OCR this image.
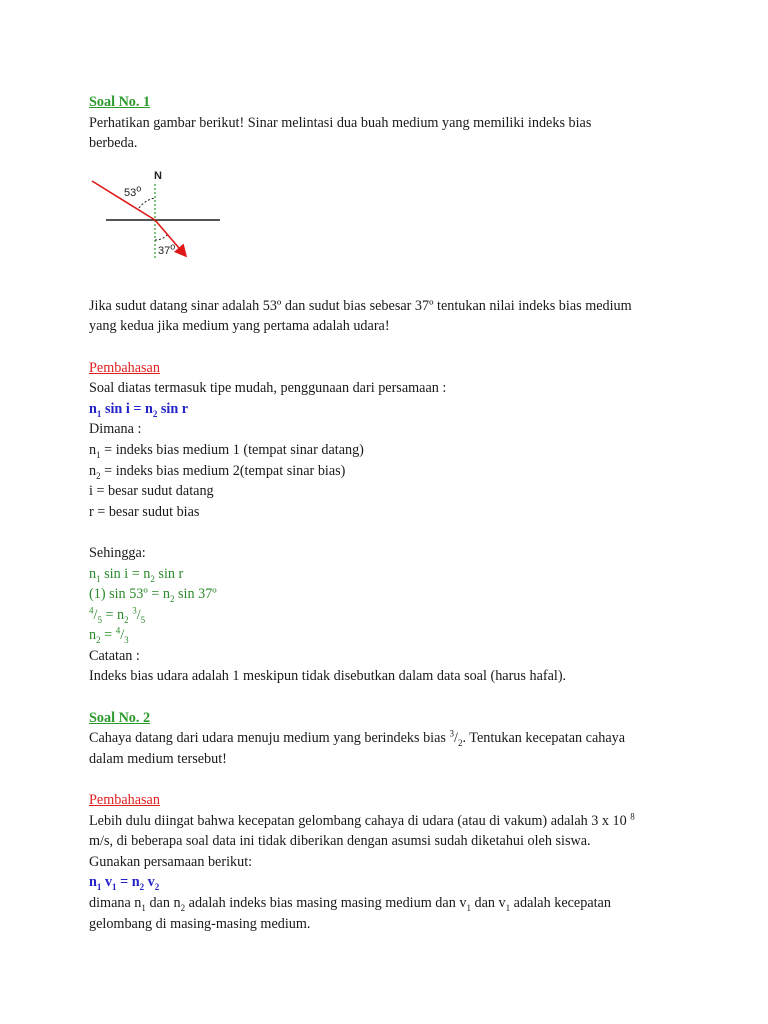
Soal No. 1
Perhatikan gambar berikut! Sinar melintasi dua buah medium yang memiliki indeks bias
berbeda.
N
53$^o$
37$^o$
Jika sudut datang sinar adalah 53º dan sudut bias sebesar 37º tentukan nilai indeks bias medium
yang kedua jika medium yang pertama adalah udara!
Pembahasan
Soal diatas termasuk tipe mudah, penggunaan dari persamaan :
$n_1$ $\sin i = n_2$ sin r
Dimana :
$n_1$ = indeks bias medium 1 (tempat sinar datang)
$n_2$ = indeks bias medium 2(tempat sinar bias)
i = besar sudut datang
r = besar sudut bias
Sehingga:
$n_1$ $\sin i = n_2$ sin r
(1) sin 53º = $n_2$ sin 37º
$^4/_5 = n_2$ $^3/_5$
$n_2 = ^4/_3$
Catatan :
Indeks bias udara adalah 1 meskipun tidak disebutkan dalam data soal (harus hafal).
Soal No. 2
Cahaya datang dari udara menuju medium yang berindeks bias $^3/_2$. Tentukan kecepatan cahaya
dalam medium tersebut!
Pembahasan
Lebih dulu diingat bahwa kecepatan gelombang cahaya di udara (atau di vakum) adalah 3 x 10 $^8$
m/s, di beberapa soal data ini tidak diberikan dengan asumsi sudah diketahui oleh siswa.
Gunakan persamaan berikut:
$n_1$ $v_1 = n_2$ $v_2$
dimana $n_1$ dan $n_2$ adalah indeks bias masing masing medium dan $v_1$ dan $v_1$ adalah kecepatan
gelombang di masing-masing medium.
